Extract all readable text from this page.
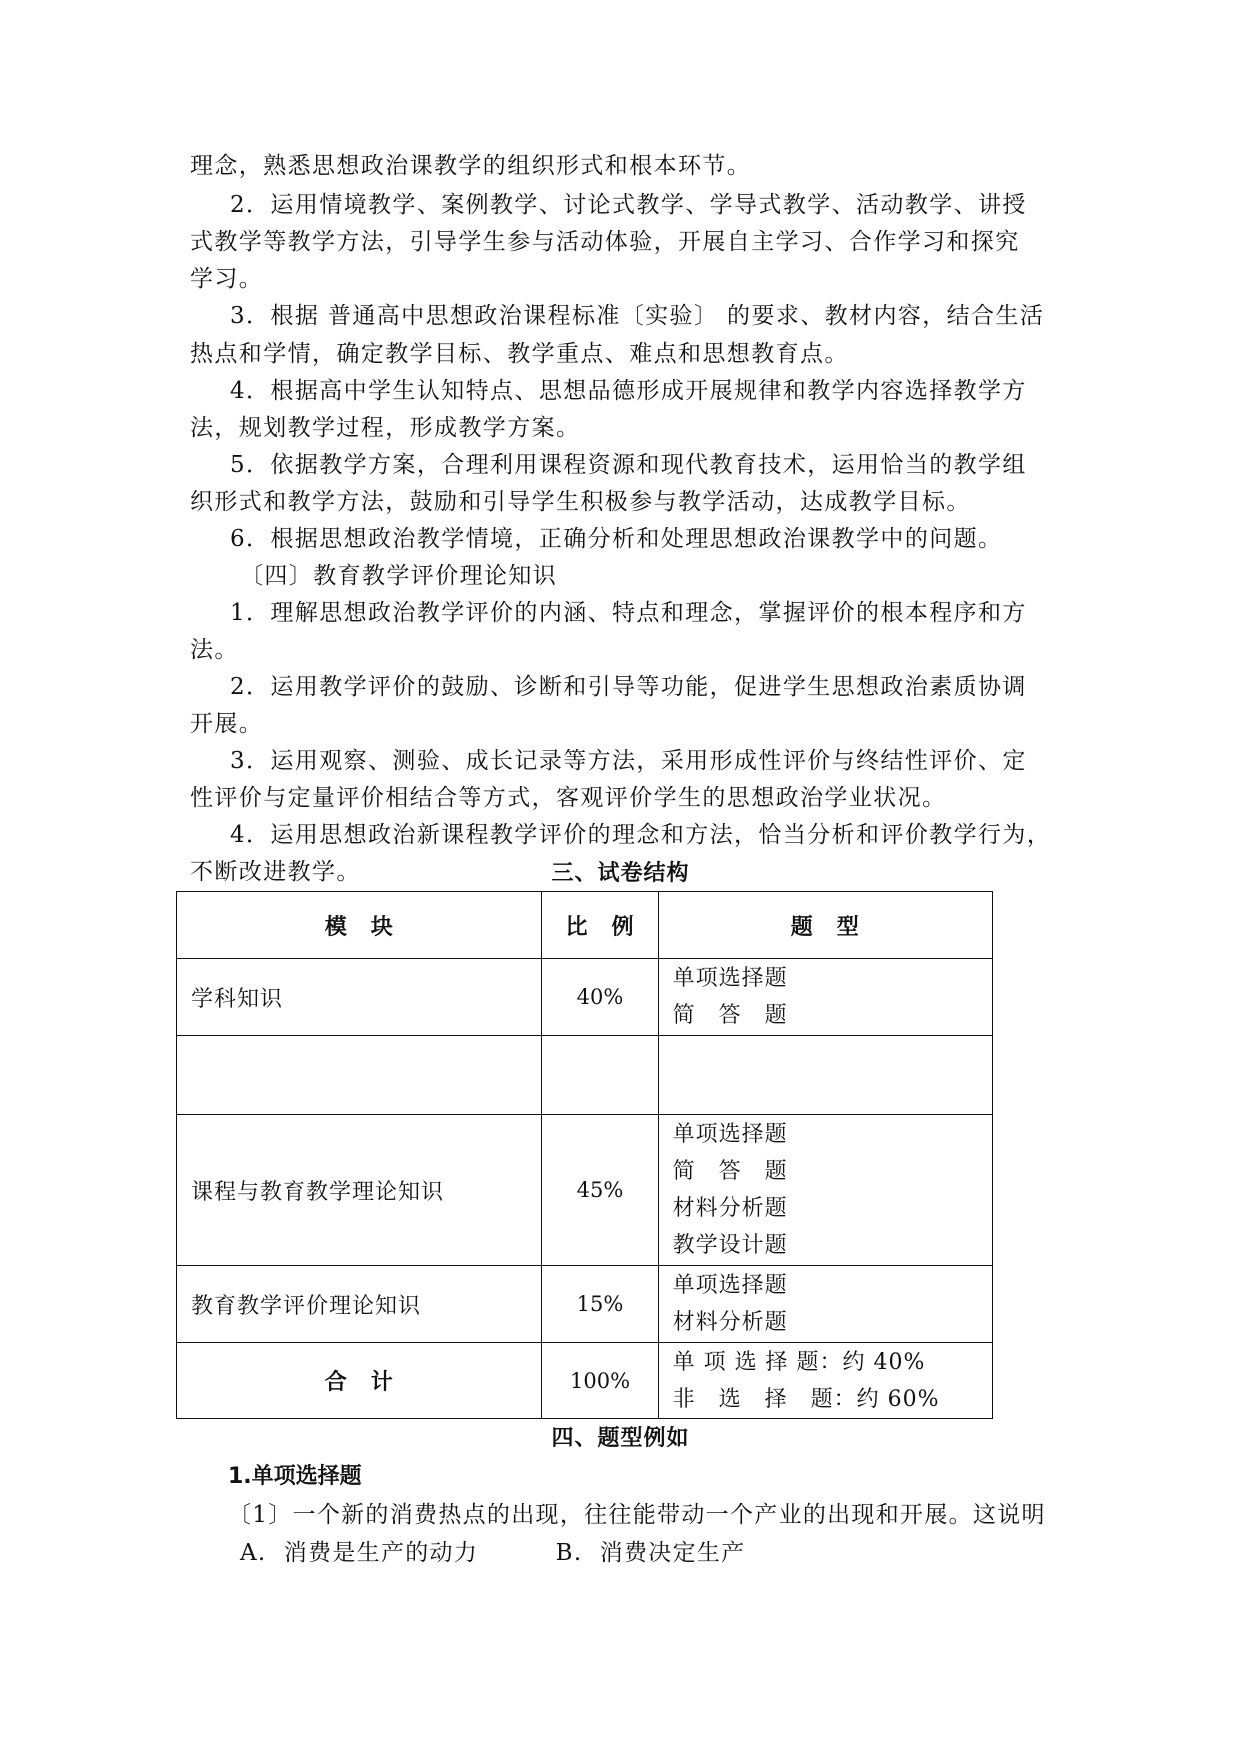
理念，熟悉思想政治课教学的组织形式和根本环节。
2．运用情境教学、案例教学、讨论式教学、学导式教学、活动教学、讲授
式教学等教学方法，引导学生参与活动体验，开展自主学习、合作学习和探究
学习。
3．根据 普通高中思想政治课程标准〔实验〕 的要求、教材内容，结合生活
热点和学情，确定教学目标、教学重点、难点和思想教育点。
4．根据高中学生认知特点、思想品德形成开展规律和教学内容选择教学方
法，规划教学过程，形成教学方案。
5．依据教学方案，合理利用课程资源和现代教育技术，运用恰当的教学组
织形式和教学方法，鼓励和引导学生积极参与教学活动，达成教学目标。
6．根据思想政治教学情境，正确分析和处理思想政治课教学中的问题。
〔四〕教育教学评价理论知识
1．理解思想政治教学评价的内涵、特点和理念，掌握评价的根本程序和方
法。
2．运用教学评价的鼓励、诊断和引导等功能，促进学生思想政治素质协调
开展。
3．运用观察、测验、成长记录等方法，采用形成性评价与终结性评价、定
性评价与定量评价相结合等方式，客观评价学生的思想政治学业状况。
4．运用思想政治新课程教学评价的理念和方法，恰当分析和评价教学行为，
不断改进教学。	三、试卷结构
模　块	比　例	题　型
学科知识	40%	单项选择题
简　答　题

课程与教育教学理论知识	45%	单项选择题
简　答　题
材料分析题
教学设计题

教育教学评价理论知识	15%	单项选择题
材料分析题

合　计	100%	单 项 选 择 题：约 40%
非　选　择　题：约 60%
四、题型例如
1.单项选择题
〔1〕一个新的消费热点的出现，往往能带动一个产业的出现和开展。这说明
A.  消费是生产的动力         B.  消费决定生产
